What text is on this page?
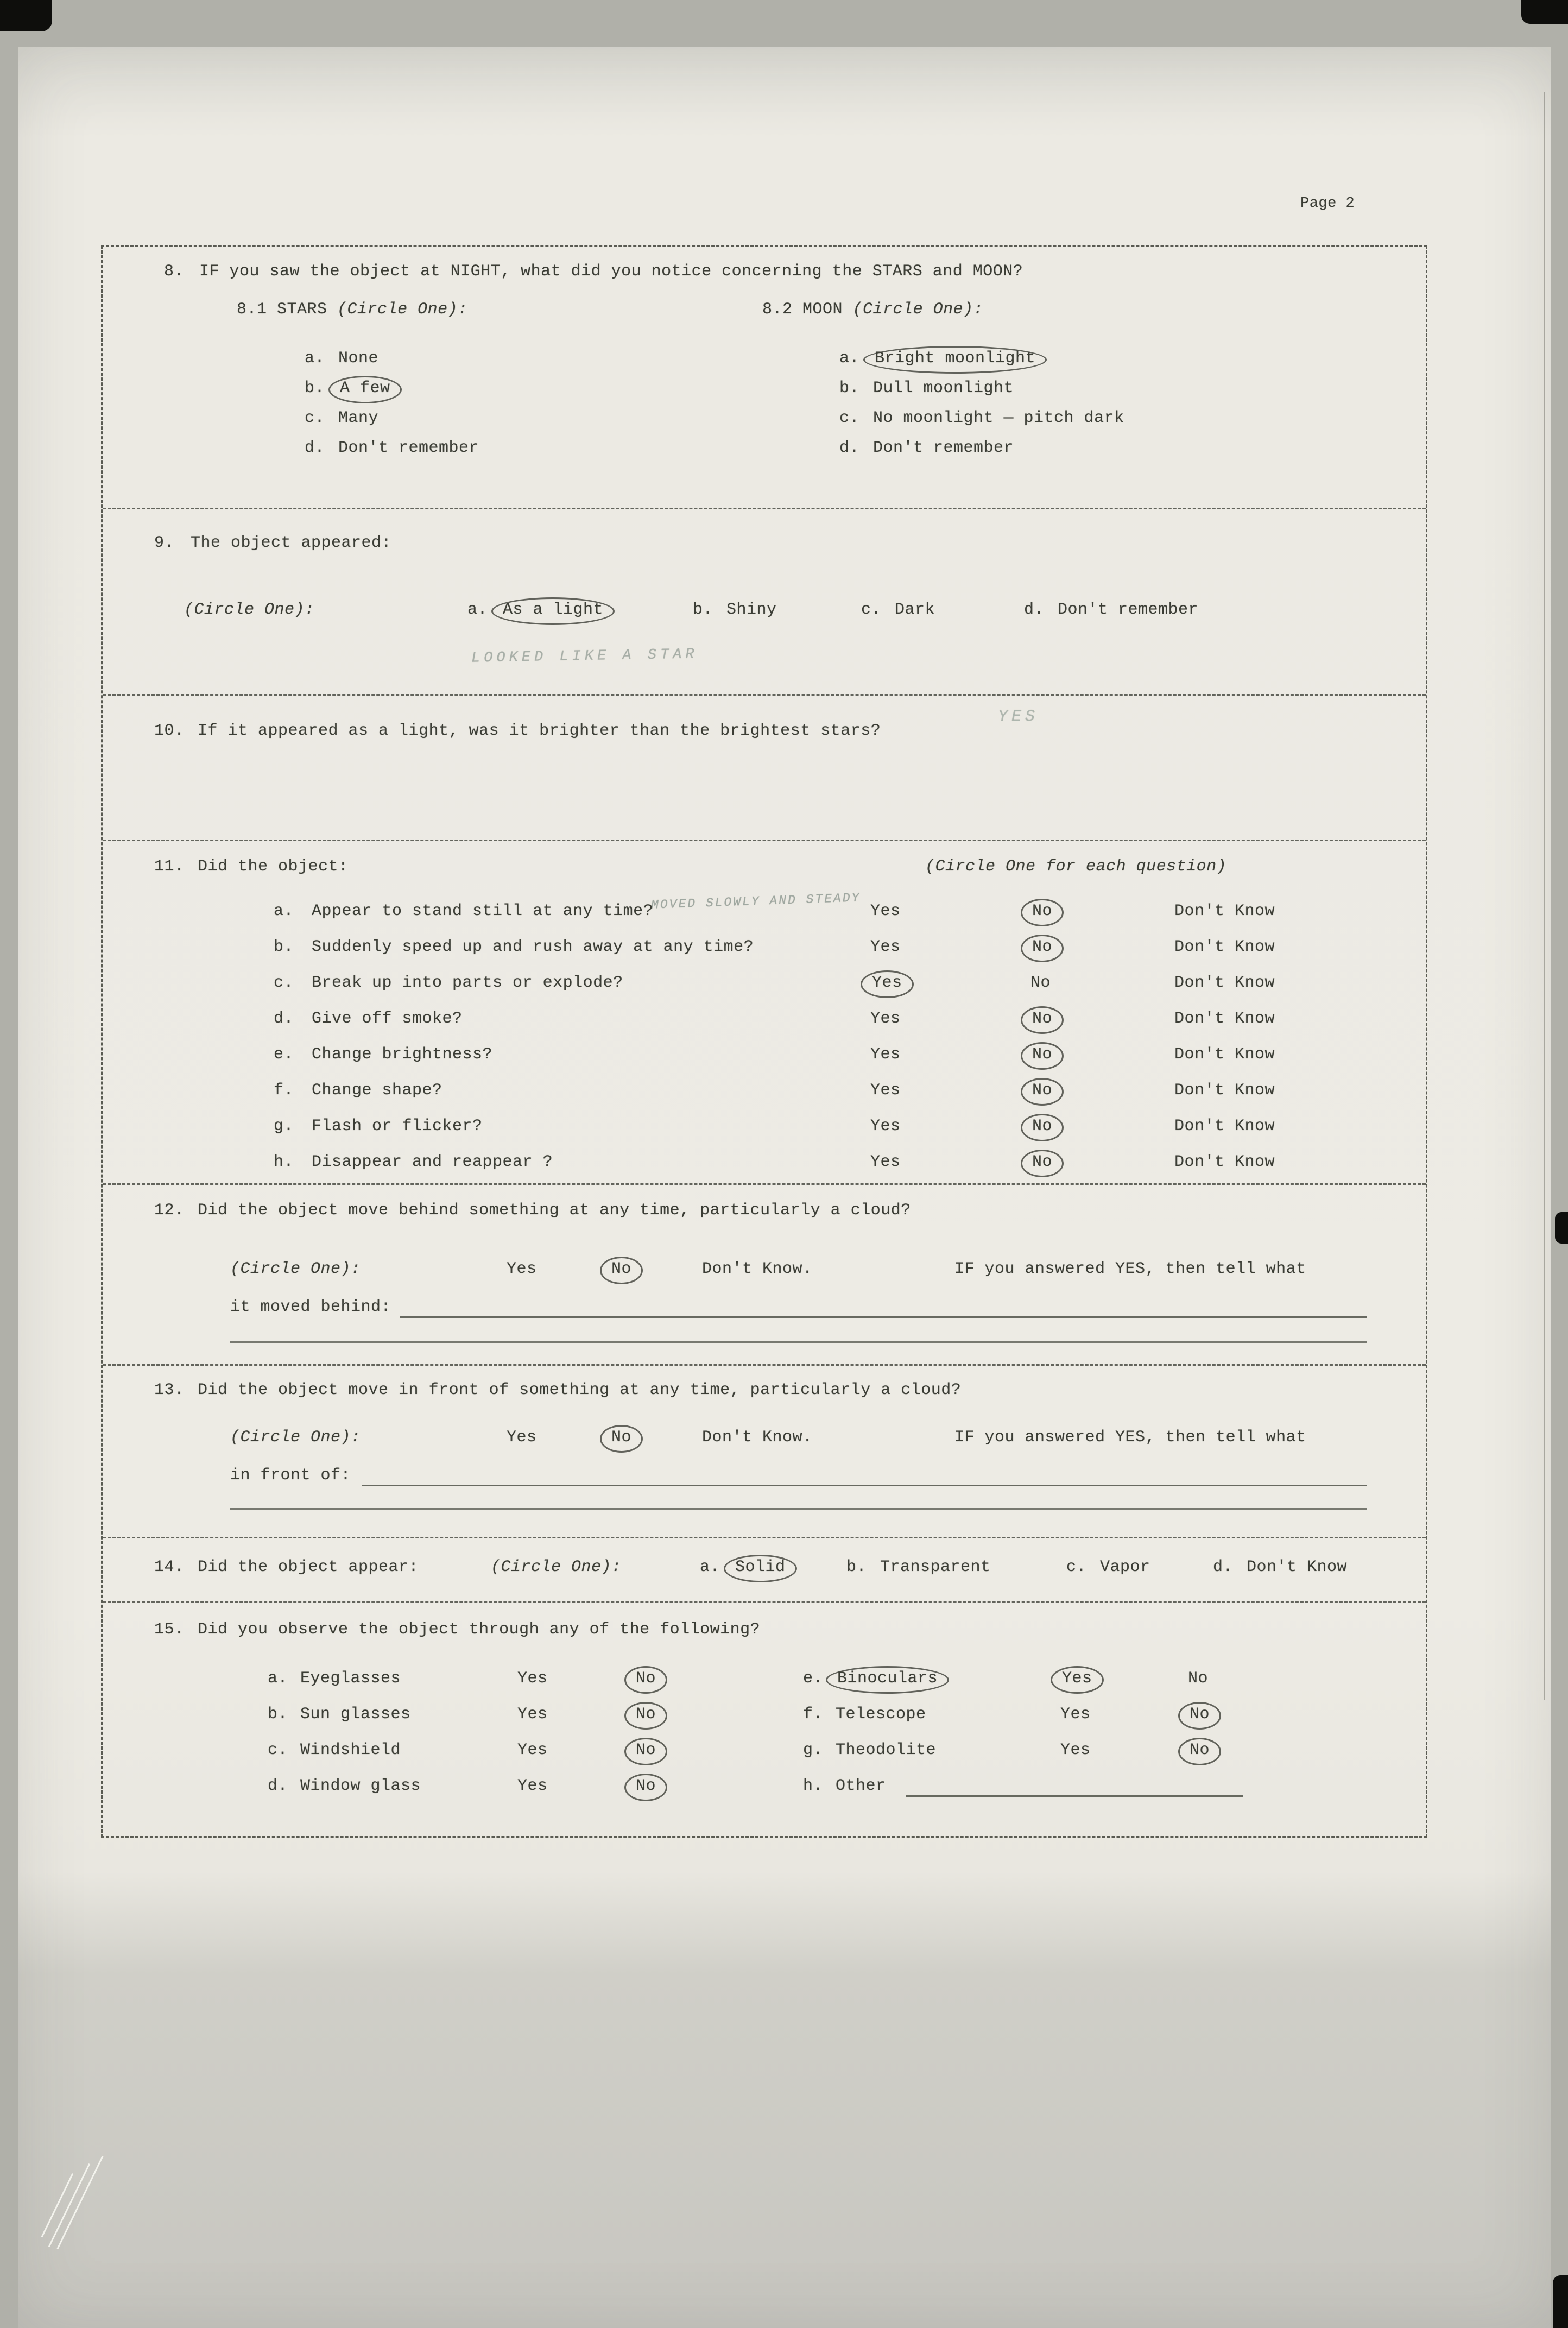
Page 2
8. IF you saw the object at NIGHT, what did you notice concerning the STARS and MOON?
8.1 STARS (Circle One):	8.2 MOON (Circle One):
a. None
b. A few
c. Many
d. Don't remember
a. Bright moonlight
b. Dull moonlight
c. No moonlight — pitch dark
d. Don't remember
9. The object appeared:
(Circle One):	a. As a light	b. Shiny	c. Dark	d. Don't remember
LOOKED LIKE A STAR
10. If it appeared as a light, was it brighter than the brightest stars?
YES
11. Did the object:	(Circle One for each question)
MOVED SLOWLY AND STEADY
a. Appear to stand still at any time?	Yes	No	Don't Know
b. Suddenly speed up and rush away at any time?	Yes	No	Don't Know
c. Break up into parts or explode?	Yes	No	Don't Know
d. Give off smoke?	Yes	No	Don't Know
e. Change brightness?	Yes	No	Don't Know
f. Change shape?	Yes	No	Don't Know
g. Flash or flicker?	Yes	No	Don't Know
h. Disappear and reappear ?	Yes	No	Don't Know
12. Did the object move behind something at any time, particularly a cloud?
(Circle One):	Yes	No	Don't Know.	IF you answered YES, then tell what
it moved behind:
13. Did the object move in front of something at any time, particularly a cloud?
(Circle One):	Yes	No	Don't Know.	IF you answered YES, then tell what
in front of:
14. Did the object appear:	(Circle One):	a. Solid	b. Transparent	c. Vapor	d. Don't Know
15. Did you observe the object through any of the following?
a. Eyeglasses	Yes	No
b. Sun glasses	Yes	No
c. Windshield	Yes	No
d. Window glass	Yes	No
e. Binoculars	Yes	No
f. Telescope	Yes	No
g. Theodolite	Yes	No
h. Other
